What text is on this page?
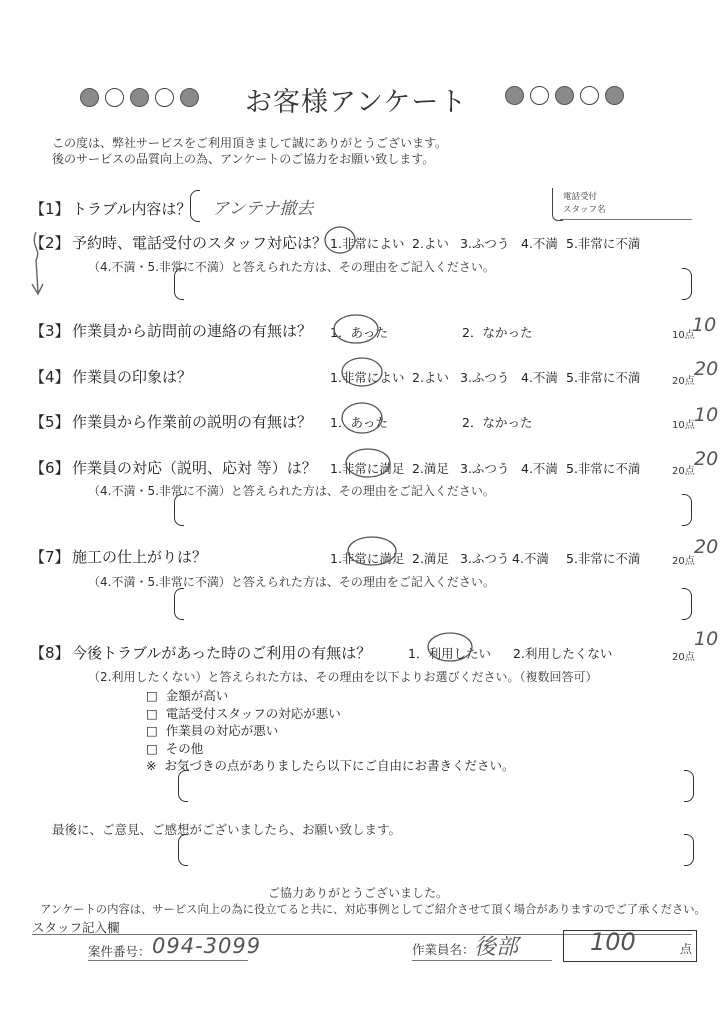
お客様アンケート
この度は、弊社サービスをご利用頂きまして誠にありがとうございます。
後のサービスの品質向上の為、アンケートのご協力をお願い致します。
【1】 トラブル内容は？ アンテナ撤去
電話受付
スタッフ名
【2】 予約時、電話受付のスタッフ対応は？ 1.非常によい 2.よい 3.ふつう 4.不満 5.非常に不満
（4.不満・5.非常に不満）と答えられた方は、その理由をご記入ください。
【3】 作業員から訪問前の連絡の有無は？ 1．あった	2．なかった	10点
10
【4】 作業員の印象は？	1.非常によい 2.よい 3.ふつう 4.不満 5.非常に不満	20点
20
【5】 作業員から作業前の説明の有無は？ 1．あった	2．なかった	10点 10
【6】 作業員の対応（説明、応対 等）は？ 1.非常に満足 2.満足 3.ふつう 4.不満 5.非常に不満	20点
20
（4.不満・5.非常に不満）と答えられた方は、その理由をご記入ください。
【7】 施工の仕上がりは？	1.非常に満足 2.満足 3.ふつう 4.不満 5.非常に不満	20点
20
（4.不満・5.非常に不満）と答えられた方は、その理由をご記入ください。
【8】 今後トラブルがあった時のご利用の有無は？	1．利用したい 2.利用したくない	20点
10
（2.利用したくない）と答えられた方は、その理由を以下よりお選びください。（複数回答可）
□ 金額が高い
□ 電話受付スタッフの対応が悪い
□ 作業員の対応が悪い
□ その他
※ お気づきの点がありましたら以下にご自由にお書きください。
最後に、ご意見、ご感想がございましたら、お願い致します。
ご協力ありがとうございました。
アンケートの内容は、サービス向上の為に役立てると共に、対応事例としてご紹介させて頂く場合がありますのでご了承ください。
スタッフ記入欄
案件番号： 094-3099	作業員名： 後部	100	点
